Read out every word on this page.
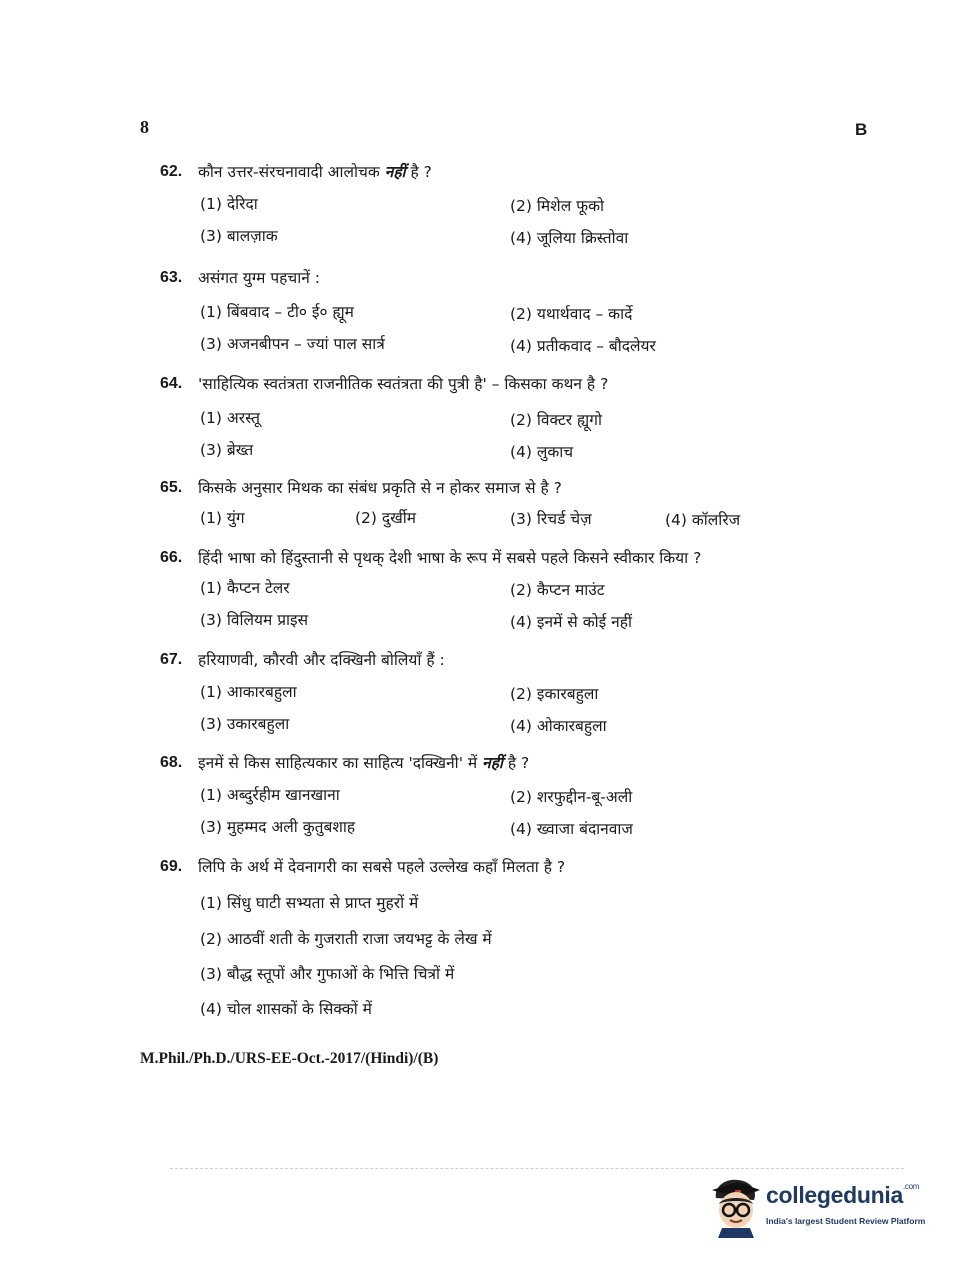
8	B
62.	कौन उत्तर-संरचनावादी आलोचक नहीं है ?
(1) देरिदा	(2) मिशेल फूको
(3) बालज़ाक	(4) जूलिया क्रिस्तोवा
63.	असंगत युग्म पहचानें :
(1) बिंबवाद – टी० ई० ह्यूम	(2) यथार्थवाद – कार्दे
(3) अजनबीपन – ज्यां पाल सार्त्र	(4) प्रतीकवाद – बौदलेयर
64.	'साहित्यिक स्वतंत्रता राजनीतिक स्वतंत्रता की पुत्री है' – किसका कथन है ?
(1) अरस्तू	(2) विक्टर ह्यूगो
(3) ब्रेख्त	(4) लुकाच
65.	किसके अनुसार मिथक का संबंध प्रकृति से न होकर समाज से है ?
(1) युंग	(2) दुर्खीम	(3) रिचर्ड चेज़	(4) कॉलरिज
66.	हिंदी भाषा को हिंदुस्तानी से पृथक् देशी भाषा के रूप में सबसे पहले किसने स्वीकार किया ?
(1) कैप्टन टेलर	(2) कैप्टन माउंट
(3) विलियम प्राइस	(4) इनमें से कोई नहीं
67.	हरियाणवी, कौरवी और दक्खिनी बोलियाँ हैं :
(1) आकारबहुला	(2) इकारबहुला
(3) उकारबहुला	(4) ओकारबहुला
68.	इनमें से किस साहित्यकार का साहित्य 'दक्खिनी' में नहीं है ?
(1) अब्दुर्रहीम खानखाना	(2) शरफुद्दीन-बू-अली
(3) मुहम्मद अली कुतुबशाह	(4) ख्वाजा बंदानवाज
69.	लिपि के अर्थ में देवनागरी का सबसे पहले उल्लेख कहाँ मिलता है ?
(1) सिंधु घाटी सभ्यता से प्राप्त मुहरों में
(2) आठवीं शती के गुजराती राजा जयभट्ट के लेख में
(3) बौद्ध स्तूपों और गुफाओं के भित्ति चित्रों में
(4) चोल शासकों के सिक्कों में
M.Phil./Ph.D./URS-EE-Oct.-2017/(Hindi)/(B)
collegedunia$^{.com}$
India's largest Student Review Platform
